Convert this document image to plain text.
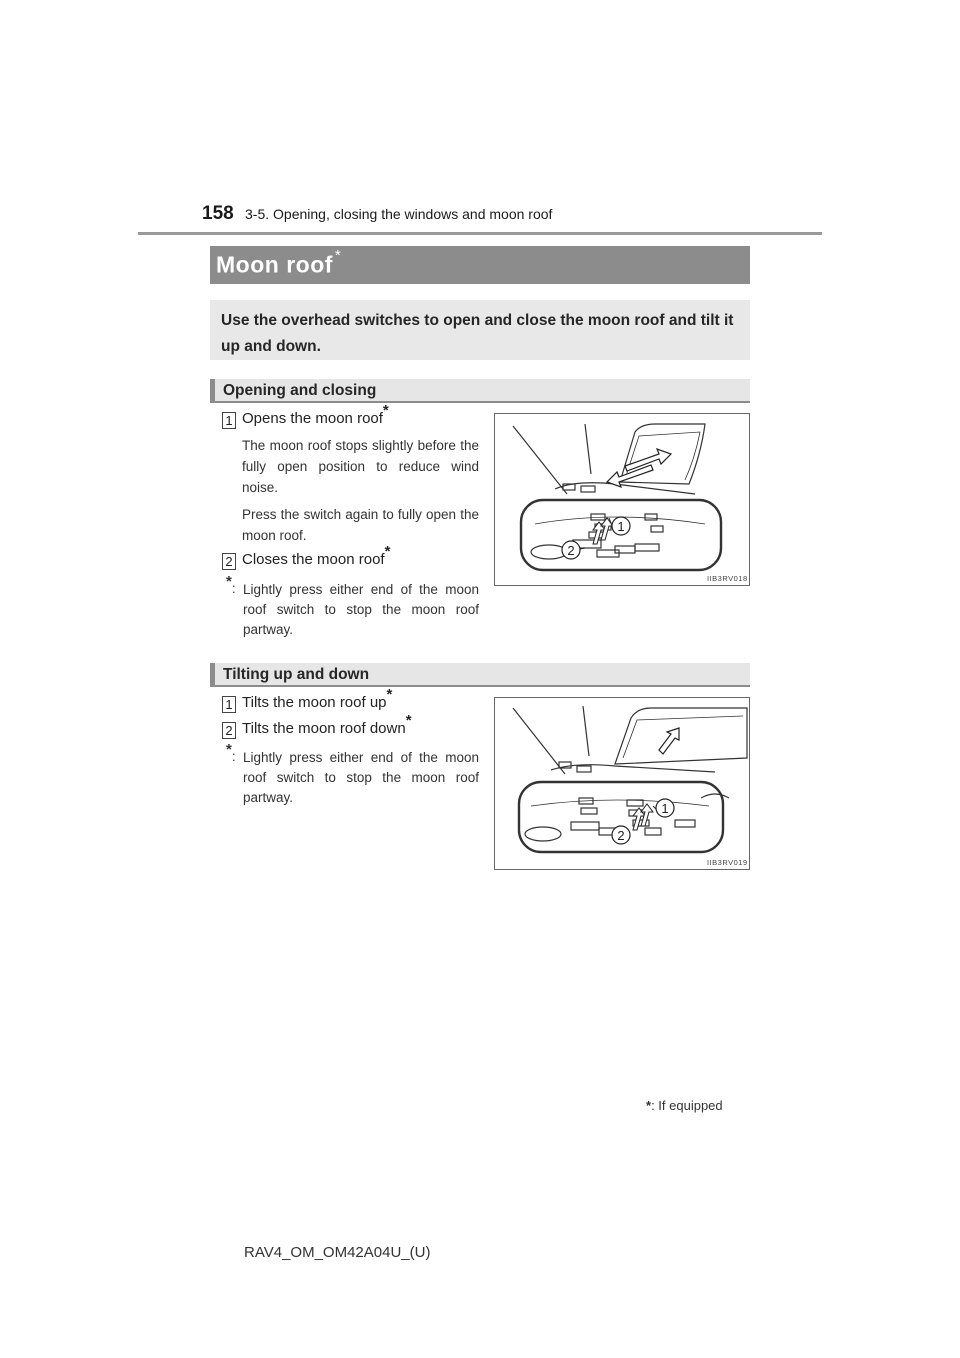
158 3-5. Opening, closing the windows and moon roof
Moon roof *
Use the overhead switches to open and close the moon roof and tilt it up and down.
Opening and closing
1 Opens the moon roof*
The moon roof stops slightly before the fully open position to reduce wind noise.
Press the switch again to fully open the moon roof.
2 Closes the moon roof*
*: Lightly press either end of the moon roof switch to stop the moon roof partway.
1
2
IIB3RV018
Tilting up and down
1 Tilts the moon roof up*
2 Tilts the moon roof down*
*: Lightly press either end of the moon roof switch to stop the moon roof partway.
1
2
IIB3RV019
*: If equipped
RAV4_OM_OM42A04U_(U)
